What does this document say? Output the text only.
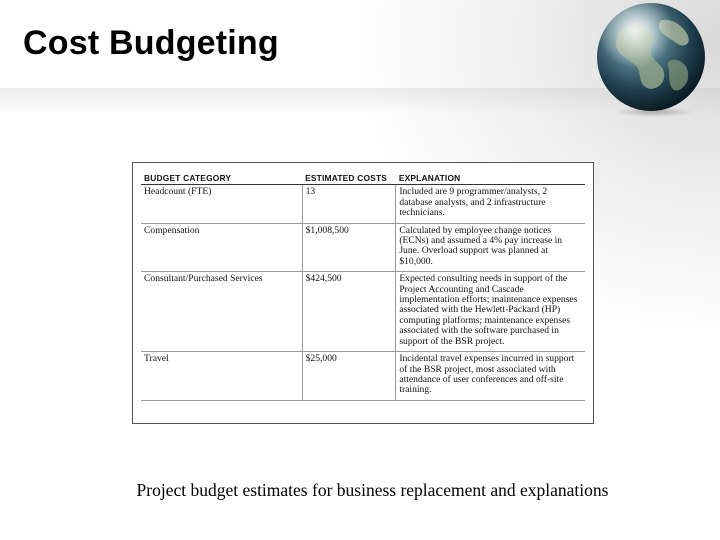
Cost Budgeting
BUDGET CATEGORY	ESTIMATED COSTS	EXPLANATION
Headcount (FTE)	13	Included are 9 programmer/analysts, 2 database analysts, and 2 infrastructure technicians.
Compensation	$1,008,500	Calculated by employee change notices (ECNs) and assumed a 4% pay increase in June. Overload support was planned at $10,000.
Consultant/Purchased Services	$424,500	Expected consulting needs in support of the Project Accounting and Cascade implementation efforts; maintenance expenses associated with the Hewlett-Packard (HP) computing platforms; maintenance expenses associated with the software purchased in support of the BSR project.
Travel	$25,000	Incidental travel expenses incurred in support of the BSR project, most associated with attendance of user conferences and off-site training.

Project budget estimates for business replacement and explanations
